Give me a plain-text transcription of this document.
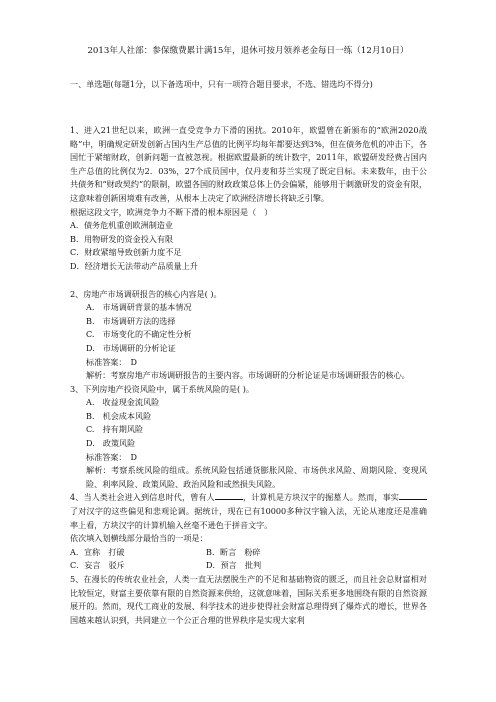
2013年人社部：参保缴费累计满15年，退休可按月领养老金每日一练（12月10日）

一、单选题(每题1分，以下备选项中，只有一项符合题目要求，不选、错选均不得分)

1、进入21世纪以来，欧洲一直受竞争力下滑的困扰。2010年，欧盟曾在新颁布的“欧洲2020战略”中，明确规定研发创新占国内生产总值的比例平均每年都要达到3%，但在债务危机的冲击下，各国忙于紧缩财政，创新问题一直被忽视。根据欧盟最新的统计数字，2011年，欧盟研发经费占国内生产总值的比例仅为2．03%，27个成员国中，仅丹麦和芬兰实现了既定目标。未来数年，由于公共债务和“财政契约”的限制，欧盟各国的财政政策总体上仍会偏紧，能够用于刺激研发的资金有限，这意味着创新困境难有改善，从根本上决定了欧洲经济增长将缺乏引擎。

根据这段文字，欧洲竞争力不断下滑的根本原因是（　）

A．债务危机重创欧洲制造业

B．用物研发的资金投入有限

C．财政紧缩导致创新力度不足

D．经济增长无法带动产品质量上升

2、房地产市场调研报告的核心内容是( )。

A.　市场调研背景的基本情况

B.　市场调研方法的选择

C.　市场变化的不确定性分析

D.　市场调研的分析论证

标准答案：　D

解析：考察房地产市场调研报告的主要内容。市场调研的分析论证是市场调研报告的核心。

3、下列房地产投资风险中，属于系统风险的是( )。

A.　收益现金流风险

B.　机会成本风险

C.　持有期风险

D.　政策风险

标准答案：　D

解析：考察系统风险的组成。系统风险包括通货膨胀风险、市场供求风险、周期风险、变现风险、利率风险、政策风险、政治风险和或然损失风险。

4、当人类社会进入到信息时代，曾有人	，计算机是方块汉字的掘墓人。然而，事实了对汉字的这些偏见和悲观论调。据统计，现在已有10000多种汉字输入法，无论从速度还是准确率上看，方块汉字的计算机输入丝毫不逊色于拼音文字。

依次填入划横线部分最恰当的一项是：

A．宣称　打破	B．断言　粉碎
C．妄言　驳斥	D．预言　批判

5、在漫长的传统农业社会，人类一直无法摆脱生产的不足和基础物资的匮乏，而且社会总财富相对比较恒定，财富主要依靠有限的自然资源来供给，这就意味着，国际关系更多地围绕有限的自然资源展开的。然而，现代工商业的发展、科学技术的进步使得社会财富总理得到了爆炸式的增长，世界各国越来越认识到，共同建立一个公正合理的世界秩序是实现大家利
